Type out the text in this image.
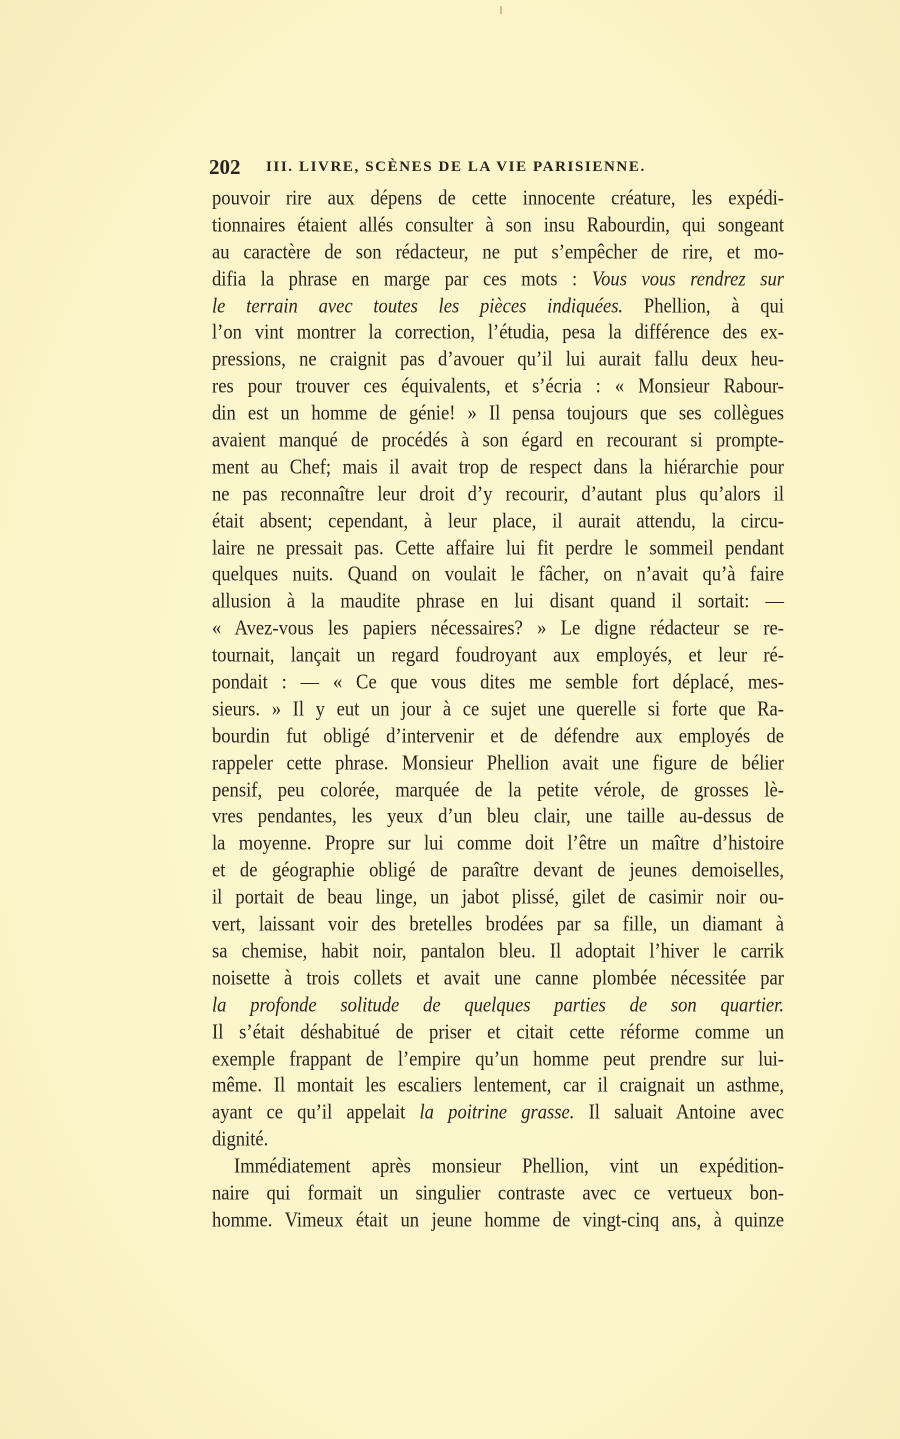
202 III. LIVRE, SCÈNES DE LA VIE PARISIENNE.
pouvoir rire aux dépens de cette innocente créature, les expédi-
tionnaires étaient allés consulter à son insu Rabourdin, qui songeant
au caractère de son rédacteur, ne put s’empêcher de rire, et mo-
difia la phrase en marge par ces mots : Vous vous rendrez sur
le terrain avec toutes les pièces indiquées. Phellion, à qui
l’on vint montrer la correction, l’étudia, pesa la différence des ex-
pressions, ne craignit pas d’avouer qu’il lui aurait fallu deux heu-
res pour trouver ces équivalents, et s’écria : « Monsieur Rabour-
din est un homme de génie! » Il pensa toujours que ses collègues
avaient manqué de procédés à son égard en recourant si prompte-
ment au Chef; mais il avait trop de respect dans la hiérarchie pour
ne pas reconnaître leur droit d’y recourir, d’autant plus qu’alors il
était absent; cependant, à leur place, il aurait attendu, la circu-
laire ne pressait pas. Cette affaire lui fit perdre le sommeil pendant
quelques nuits. Quand on voulait le fâcher, on n’avait qu’à faire
allusion à la maudite phrase en lui disant quand il sortait: —
« Avez-vous les papiers nécessaires? » Le digne rédacteur se re-
tournait, lançait un regard foudroyant aux employés, et leur ré-
pondait : — « Ce que vous dites me semble fort déplacé, mes-
sieurs. » Il y eut un jour à ce sujet une querelle si forte que Ra-
bourdin fut obligé d’intervenir et de défendre aux employés de
rappeler cette phrase. Monsieur Phellion avait une figure de bélier
pensif, peu colorée, marquée de la petite vérole, de grosses lè-
vres pendantes, les yeux d’un bleu clair, une taille au-dessus de
la moyenne. Propre sur lui comme doit l’être un maître d’histoire
et de géographie obligé de paraître devant de jeunes demoiselles,
il portait de beau linge, un jabot plissé, gilet de casimir noir ou-
vert, laissant voir des bretelles brodées par sa fille, un diamant à
sa chemise, habit noir, pantalon bleu. Il adoptait l’hiver le carrik
noisette à trois collets et avait une canne plombée nécessitée par
la profonde solitude de quelques parties de son quartier.
Il s’était déshabitué de priser et citait cette réforme comme un
exemple frappant de l’empire qu’un homme peut prendre sur lui-
même. Il montait les escaliers lentement, car il craignait un asthme,
ayant ce qu’il appelait la poitrine grasse. Il saluait Antoine avec
dignité.
Immédiatement après monsieur Phellion, vint un expédition-
naire qui formait un singulier contraste avec ce vertueux bon-
homme. Vimeux était un jeune homme de vingt-cinq ans, à quinze
